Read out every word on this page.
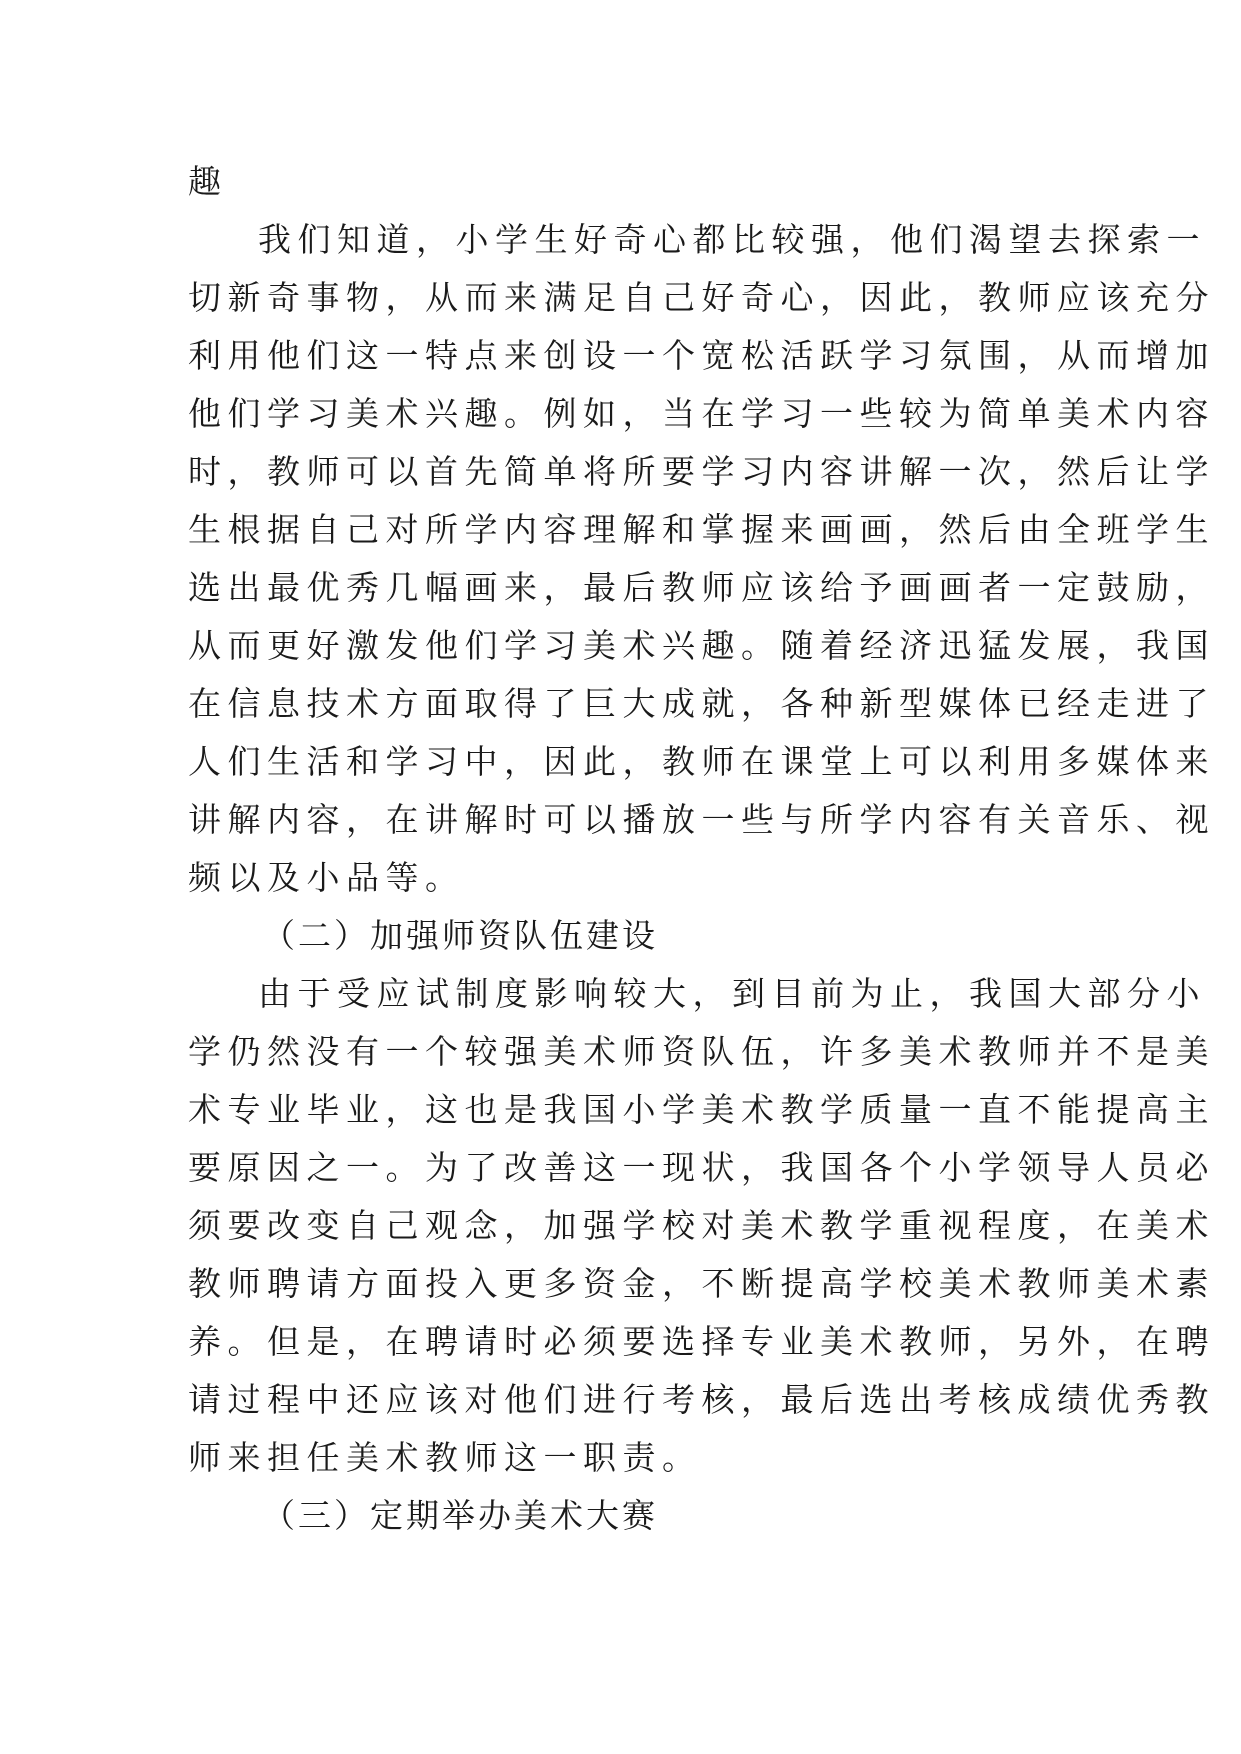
趣

我们知道，小学生好奇心都比较强，他们渴望去探索一

切新奇事物，从而来满足自己好奇心，因此，教师应该充分

利用他们这一特点来创设一个宽松活跃学习氛围，从而增加

他们学习美术兴趣。例如，当在学习一些较为简单美术内容

时，教师可以首先简单将所要学习内容讲解一次，然后让学

生根据自己对所学内容理解和掌握来画画，然后由全班学生

选出最优秀几幅画来，最后教师应该给予画画者一定鼓励，

从而更好激发他们学习美术兴趣。随着经济迅猛发展，我国

在信息技术方面取得了巨大成就，各种新型媒体已经走进了

人们生活和学习中，因此，教师在课堂上可以利用多媒体来

讲解内容，在讲解时可以播放一些与所学内容有关音乐、视

频以及小品等。

（二）加强师资队伍建设

由于受应试制度影响较大，到目前为止，我国大部分小

学仍然没有一个较强美术师资队伍，许多美术教师并不是美

术专业毕业，这也是我国小学美术教学质量一直不能提高主

要原因之一。为了改善这一现状，我国各个小学领导人员必

须要改变自己观念，加强学校对美术教学重视程度，在美术

教师聘请方面投入更多资金，不断提高学校美术教师美术素

养。但是，在聘请时必须要选择专业美术教师，另外，在聘

请过程中还应该对他们进行考核，最后选出考核成绩优秀教

师来担任美术教师这一职责。

（三）定期举办美术大赛
